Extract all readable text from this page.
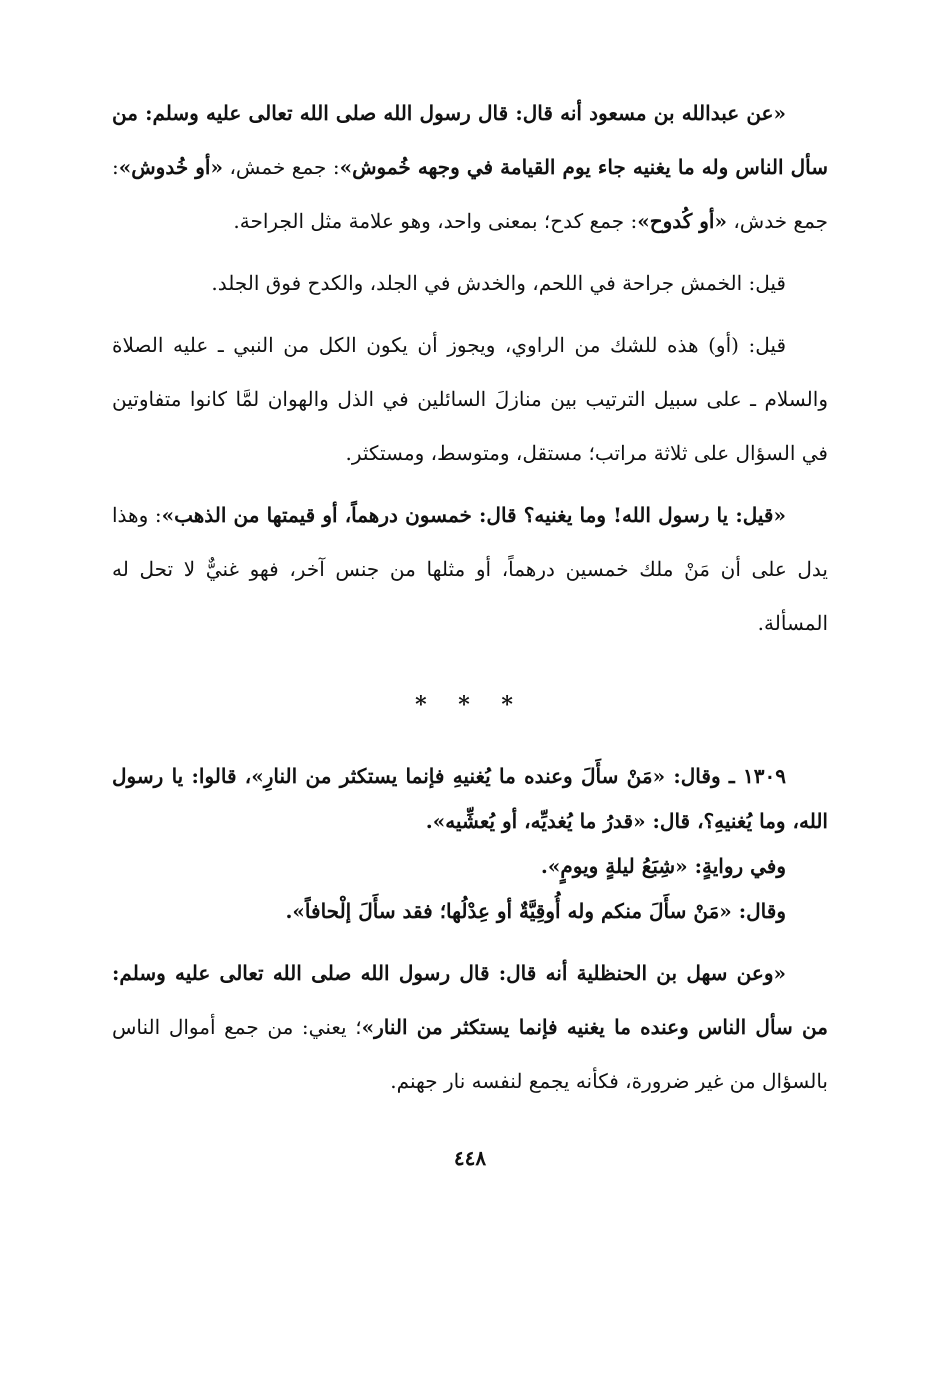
«عن عبدالله بن مسعود أنه قال: قال رسول الله صلى الله تعالى عليه وسلم: من سأل الناس وله ما يغنيه جاء يوم القيامة في وجهه خُموش»: جمع خمش، «أو خُدوش»: جمع خدش، «أو كُدوح»: جمع كدح؛ بمعنى واحد، وهو علامة مثل الجراحة.

قيل: الخمش جراحة في اللحم، والخدش في الجلد، والكدح فوق الجلد.

قيل: (أو) هذه للشك من الراوي، ويجوز أن يكون الكل من النبي ـ عليه الصلاة والسلام ـ على سبيل الترتيب بين منازلَ السائلين في الذل والهوان لمَّا كانوا متفاوتين في السؤال على ثلاثة مراتب؛ مستقل، ومتوسط، ومستكثر.

«قيل: يا رسول الله! وما يغنيه؟ قال: خمسون درهماً، أو قيمتها من الذهب»: وهذا يدل على أن مَنْ ملك خمسين درهماً، أو مثلها من جنس آخر، فهو غنيٌّ لا تحل له المسألة.

* * *

١٣٠٩ ـ وقال: «مَنْ سأَلَ وعنده ما يُغنيهِ فإنما يستكثر من النارِ»، قالوا: يا رسول الله، وما يُغنيهِ؟، قال: «قدرُ ما يُغديِّه، أو يُعشِّيه».

وفي روايةٍ: «شِبَعُ ليلةٍ ويومٍ».

وقال: «مَنْ سأَلَ منكم وله أُوقِيَّةٌ أو عِدْلُها؛ فقد سأَلَ إلْحافاً».

«وعن سهل بن الحنظلية أنه قال: قال رسول الله صلى الله تعالى عليه وسلم: من سأل الناس وعنده ما يغنيه فإنما يستكثر من النار»؛ يعني: من جمع أموال الناس بالسؤال من غير ضرورة، فكأنه يجمع لنفسه نار جهنم.

٤٤٨
